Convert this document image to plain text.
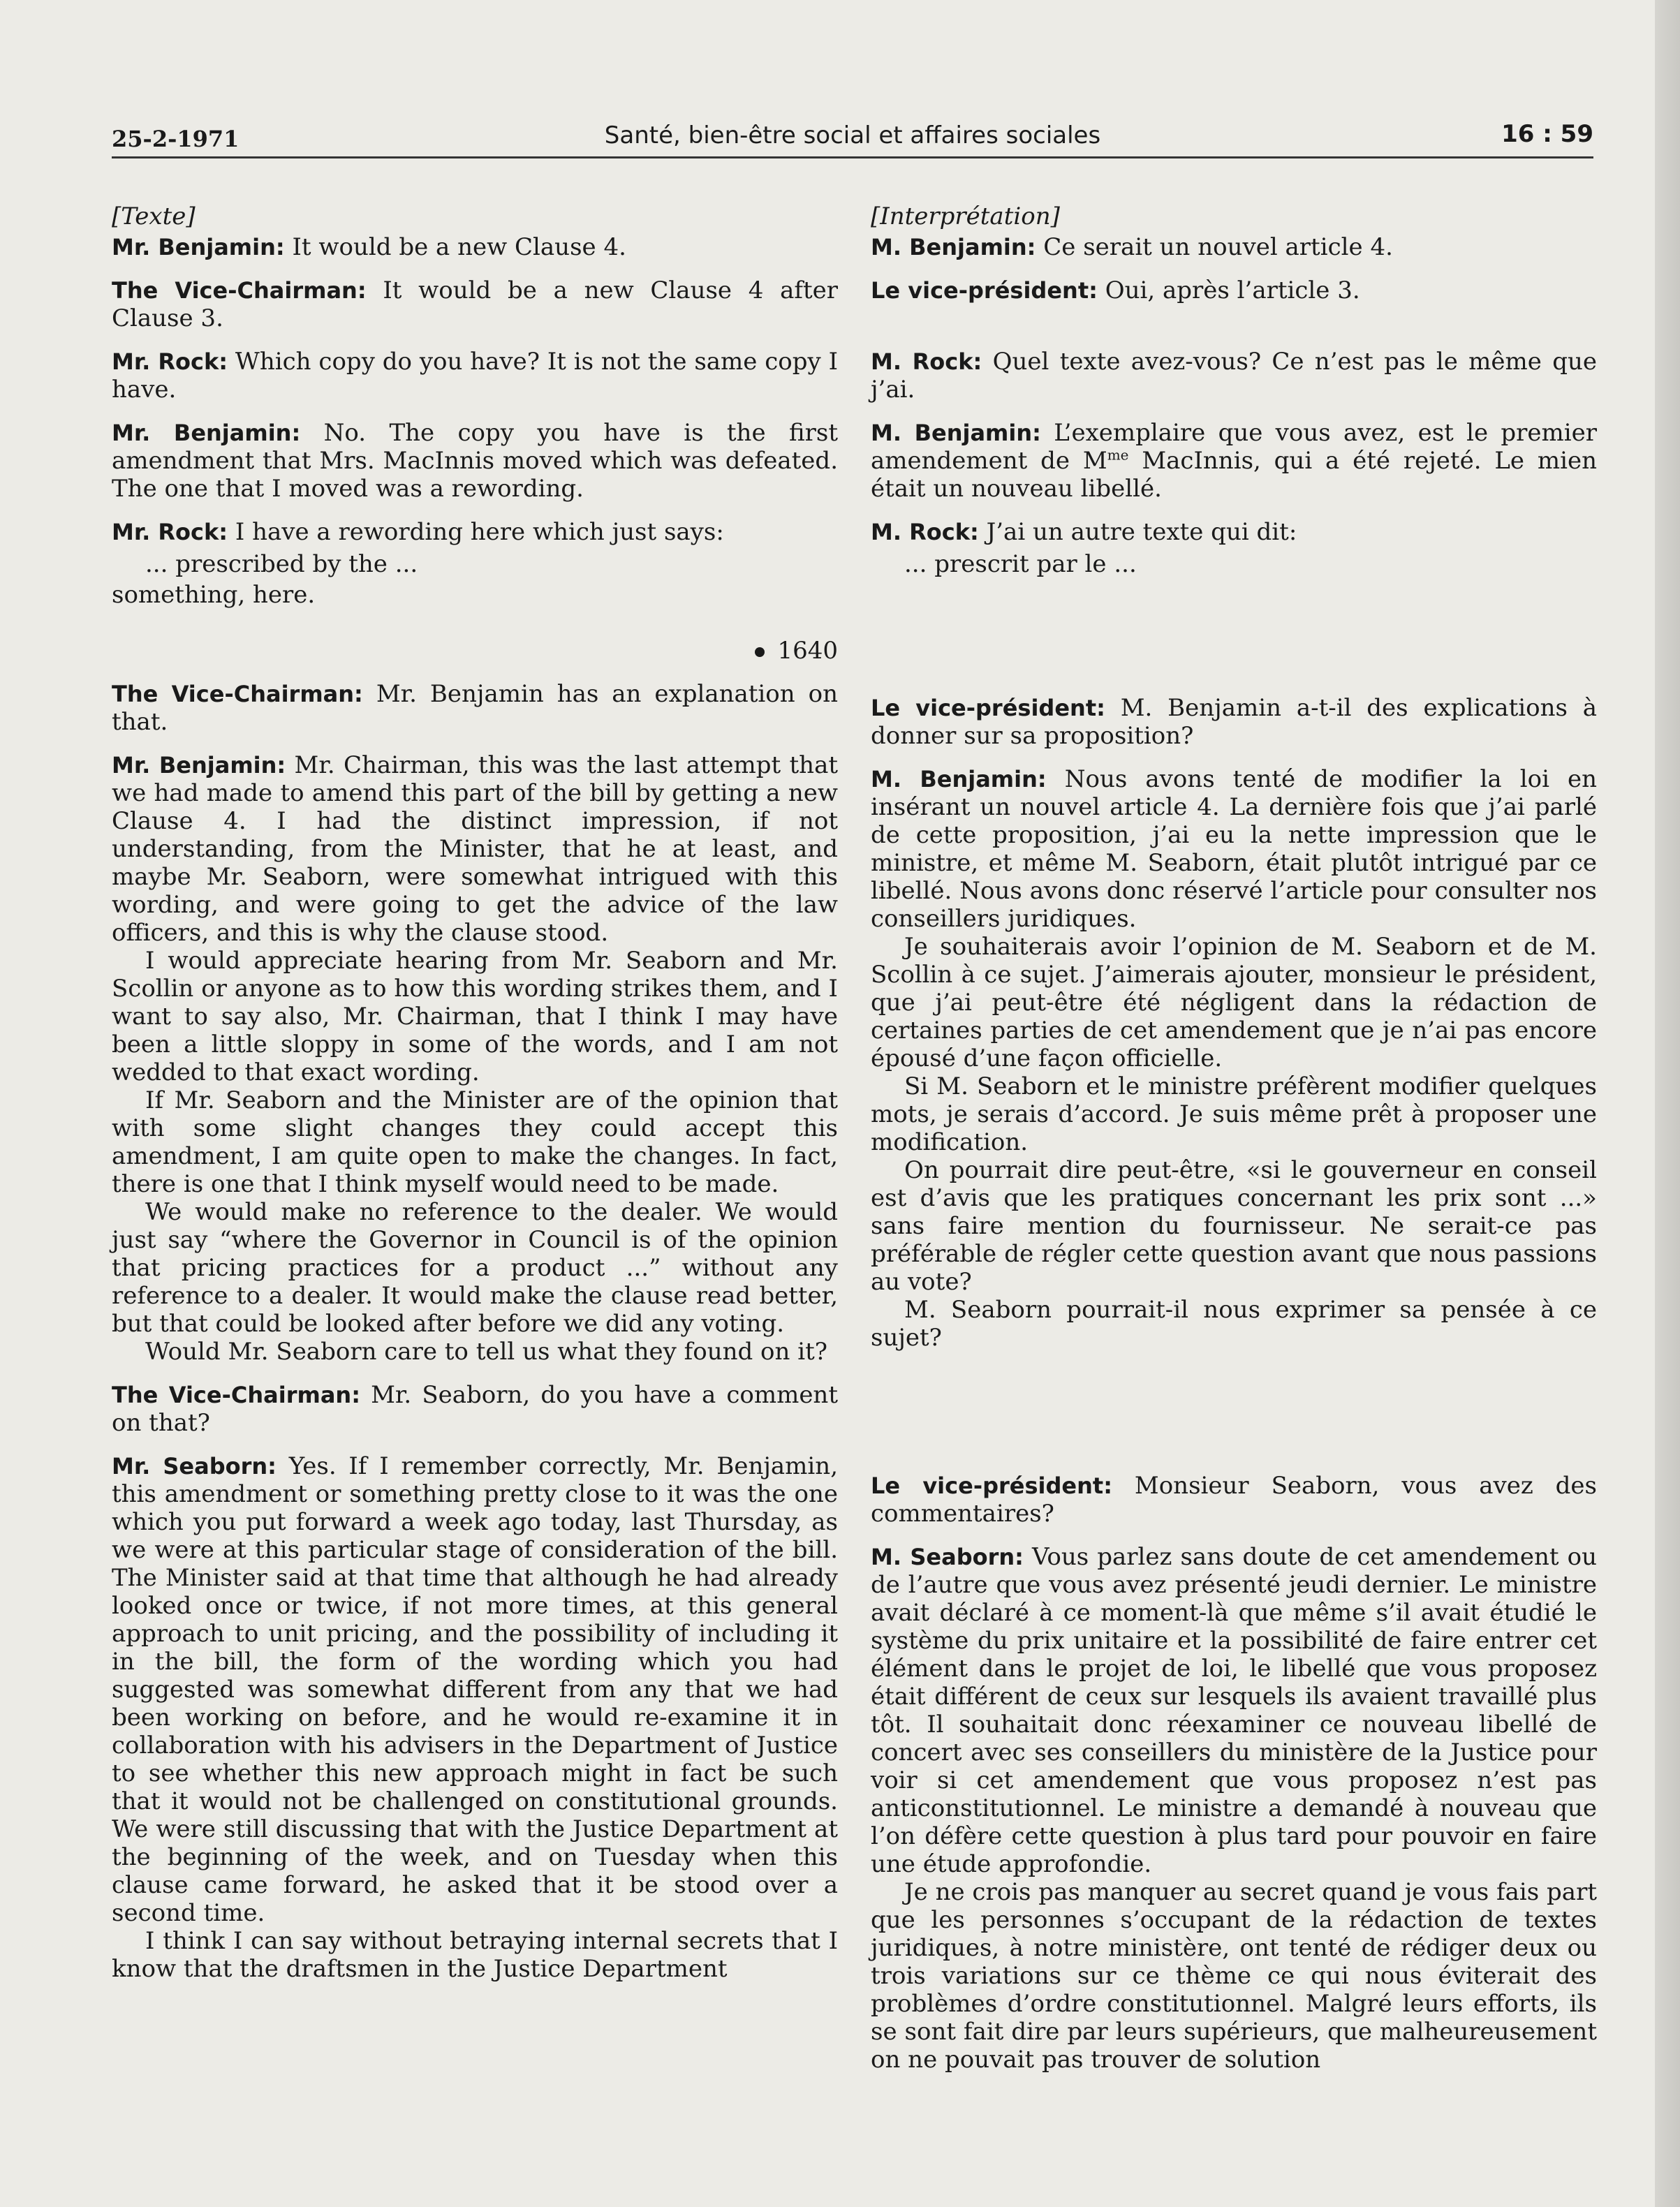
25-2-1971	Santé, bien-être social et affaires sociales	16 : 59

[Texte]

Mr. Benjamin: It would be a new Clause 4.

The Vice-Chairman: It would be a new Clause 4 after Clause 3.

Mr. Rock: Which copy do you have? It is not the same copy I have.

Mr. Benjamin: No. The copy you have is the first amendment that Mrs. MacInnis moved which was defeated. The one that I moved was a rewording.

Mr. Rock: I have a rewording here which just says:

... prescribed by the ...

something, here.

1640

The Vice-Chairman: Mr. Benjamin has an explanation on that.

Mr. Benjamin: Mr. Chairman, this was the last attempt that we had made to amend this part of the bill by getting a new Clause 4. I had the distinct impression, if not understanding, from the Minister, that he at least, and maybe Mr. Seaborn, were somewhat intrigued with this wording, and were going to get the advice of the law officers, and this is why the clause stood.

I would appreciate hearing from Mr. Seaborn and Mr. Scollin or anyone as to how this wording strikes them, and I want to say also, Mr. Chairman, that I think I may have been a little sloppy in some of the words, and I am not wedded to that exact wording.

If Mr. Seaborn and the Minister are of the opinion that with some slight changes they could accept this amendment, I am quite open to make the changes. In fact, there is one that I think myself would need to be made.

We would make no reference to the dealer. We would just say “where the Governor in Council is of the opinion that pricing practices for a product ...” without any reference to a dealer. It would make the clause read better, but that could be looked after before we did any voting.

Would Mr. Seaborn care to tell us what they found on it?

The Vice-Chairman: Mr. Seaborn, do you have a comment on that?

Mr. Seaborn: Yes. If I remember correctly, Mr. Benjamin, this amendment or something pretty close to it was the one which you put forward a week ago today, last Thursday, as we were at this particular stage of consideration of the bill. The Minister said at that time that although he had already looked once or twice, if not more times, at this general approach to unit pricing, and the possibility of including it in the bill, the form of the wording which you had suggested was somewhat different from any that we had been working on before, and he would re-examine it in collaboration with his advisers in the Department of Justice to see whether this new approach might in fact be such that it would not be challenged on constitutional grounds. We were still discussing that with the Justice Department at the beginning of the week, and on Tuesday when this clause came forward, he asked that it be stood over a second time.

I think I can say without betraying internal secrets that I know that the draftsmen in the Justice Department

[Interprétation]

M. Benjamin: Ce serait un nouvel article 4.

Le vice-président: Oui, après l’article 3.

M. Rock: Quel texte avez-vous? Ce n’est pas le même que j’ai.

M. Benjamin: L’exemplaire que vous avez, est le premier amendement de $M^{me}$ MacInnis, qui a été rejeté. Le mien était un nouveau libellé.

M. Rock: J’ai un autre texte qui dit:

... prescrit par le ...

Le vice-président: M. Benjamin a-t-il des explications à donner sur sa proposition?

M. Benjamin: Nous avons tenté de modifier la loi en insérant un nouvel article 4. La dernière fois que j’ai parlé de cette proposition, j’ai eu la nette impression que le ministre, et même M. Seaborn, était plutôt intrigué par ce libellé. Nous avons donc réservé l’article pour consulter nos conseillers juridiques.

Je souhaiterais avoir l’opinion de M. Seaborn et de M. Scollin à ce sujet. J’aimerais ajouter, monsieur le président, que j’ai peut-être été négligent dans la rédaction de certaines parties de cet amendement que je n’ai pas encore épousé d’une façon officielle.

Si M. Seaborn et le ministre préfèrent modifier quelques mots, je serais d’accord. Je suis même prêt à proposer une modification.

On pourrait dire peut-être, «si le gouverneur en conseil est d’avis que les pratiques concernant les prix sont ...» sans faire mention du fournisseur. Ne serait-ce pas préférable de régler cette question avant que nous passions au vote?

M. Seaborn pourrait-il nous exprimer sa pensée à ce sujet?

Le vice-président: Monsieur Seaborn, vous avez des commentaires?

M. Seaborn: Vous parlez sans doute de cet amendement ou de l’autre que vous avez présenté jeudi dernier. Le ministre avait déclaré à ce moment-là que même s’il avait étudié le système du prix unitaire et la possibilité de faire entrer cet élément dans le projet de loi, le libellé que vous proposez était différent de ceux sur lesquels ils avaient travaillé plus tôt. Il souhaitait donc réexaminer ce nouveau libellé de concert avec ses conseillers du ministère de la Justice pour voir si cet amendement que vous proposez n’est pas anticonstitutionnel. Le ministre a demandé à nouveau que l’on défère cette question à plus tard pour pouvoir en faire une étude approfondie.

Je ne crois pas manquer au secret quand je vous fais part que les personnes s’occupant de la rédaction de textes juridiques, à notre ministère, ont tenté de rédiger deux ou trois variations sur ce thème ce qui nous éviterait des problèmes d’ordre constitutionnel. Malgré leurs efforts, ils se sont fait dire par leurs supérieurs, que malheureusement on ne pouvait pas trouver de solution
